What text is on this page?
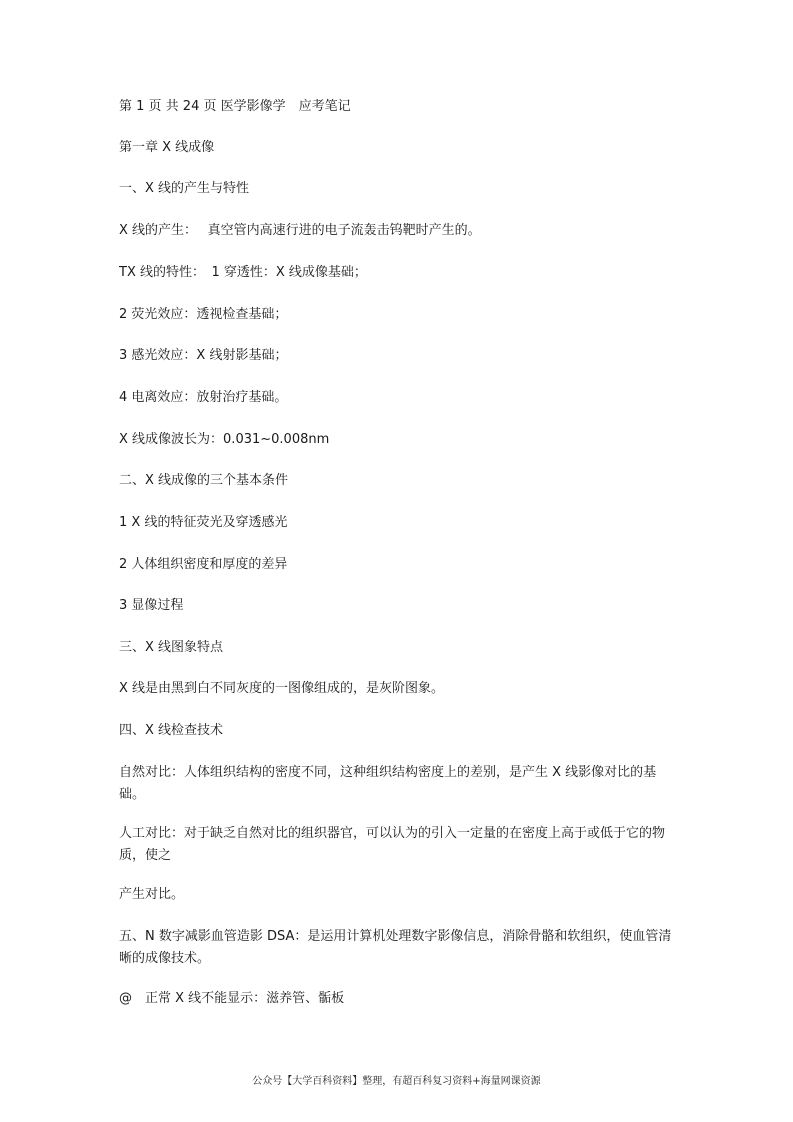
第 1 页 共 24 页 医学影像学　应考笔记
第一章 X 线成像
一、X 线的产生与特性
X 线的产生：　 真空管内高速行进的电子流轰击钨靶时产生的。
TX 线的特性：　1 穿透性：X 线成像基础；
2 荧光效应：透视检查基础；
3 感光效应：X 线射影基础；
4 电离效应：放射治疗基础。
X 线成像波长为：0.031~0.008nm
二、X 线成像的三个基本条件
1 X 线的特征荧光及穿透感光
2 人体组织密度和厚度的差异
3 显像过程
三、X 线图象特点
X 线是由黑到白不同灰度的一图像组成的，是灰阶图象。
四、X 线检查技术
自然对比：人体组织结构的密度不同，这种组织结构密度上的差别，是产生 X 线影像对比的基础。
人工对比：对于缺乏自然对比的组织器官，可以认为的引入一定量的在密度上高于或低于它的物质，使之
产生对比。
五、N 数字减影血管造影 DSA：是运用计算机处理数字影像信息，消除骨骼和软组织，使血管清晰的成像技术。
@　正常 X 线不能显示：滋养管、骺板
公众号【大学百科资料】整理，有超百科复习资料+海量网课资源
